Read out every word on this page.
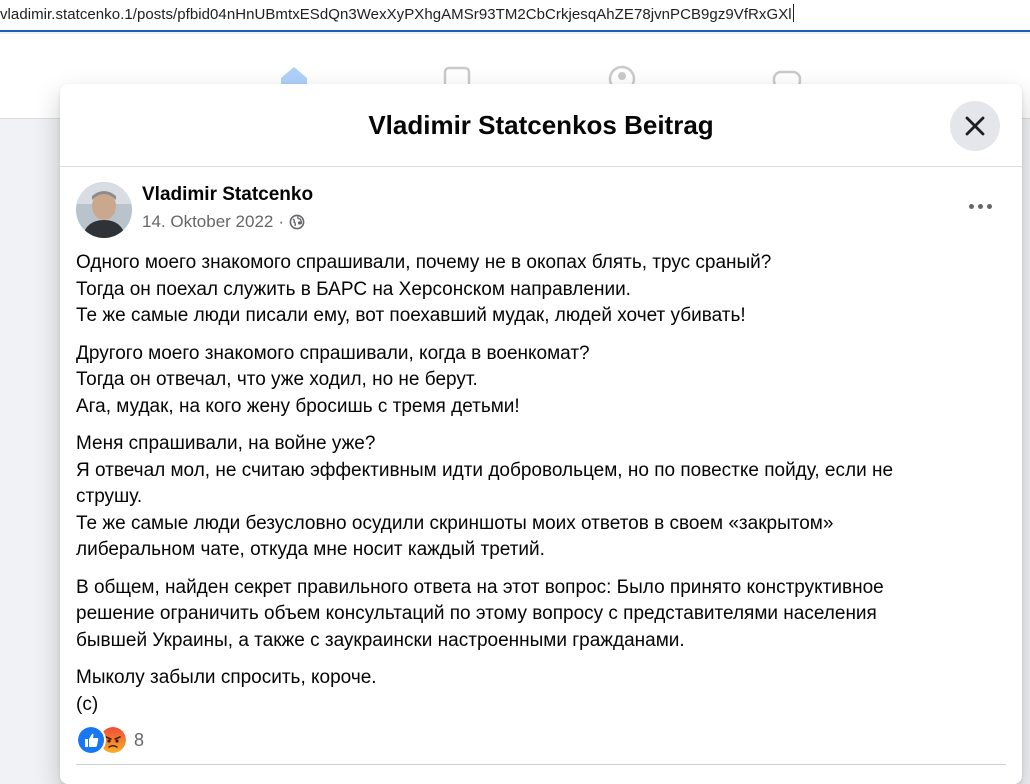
vladimir.statcenko.1/posts/pfbid04nHnUBmtxESdQn3WexXyPXhgAMSr93TM2CbCrkjesqAhZE78jvnPCB9gz9VfRxGXl
Vladimir Statcenkos Beitrag
Vladimir Statcenko
14. Oktober 2022 ·
Одного моего знакомого спрашивали, почему не в окопах блять, трус сраный?
Тогда он поехал служить в БАРС на Херсонском направлении.
Те же самые люди писали ему, вот поехавший мудак, людей хочет убивать!
Другого моего знакомого спрашивали, когда в военкомат?
Тогда он отвечал, что уже ходил, но не берут.
Ага, мудак, на кого жену бросишь с тремя детьми!
Меня спрашивали, на войне уже?
Я отвечал мол, не считаю эффективным идти добровольцем, но по повестке пойду, если не
струшу.
Те же самые люди безусловно осудили скриншоты моих ответов в своем «закрытом»
либеральном чате, откуда мне носит каждый третий.
В общем, найден секрет правильного ответа на этот вопрос: Было принято конструктивное
решение ограничить объем консультаций по этому вопросу с представителями населения
бывшей Украины, а также с заукраински настроенными гражданами.
Мыколу забыли спросить, короче.
(с)
8
